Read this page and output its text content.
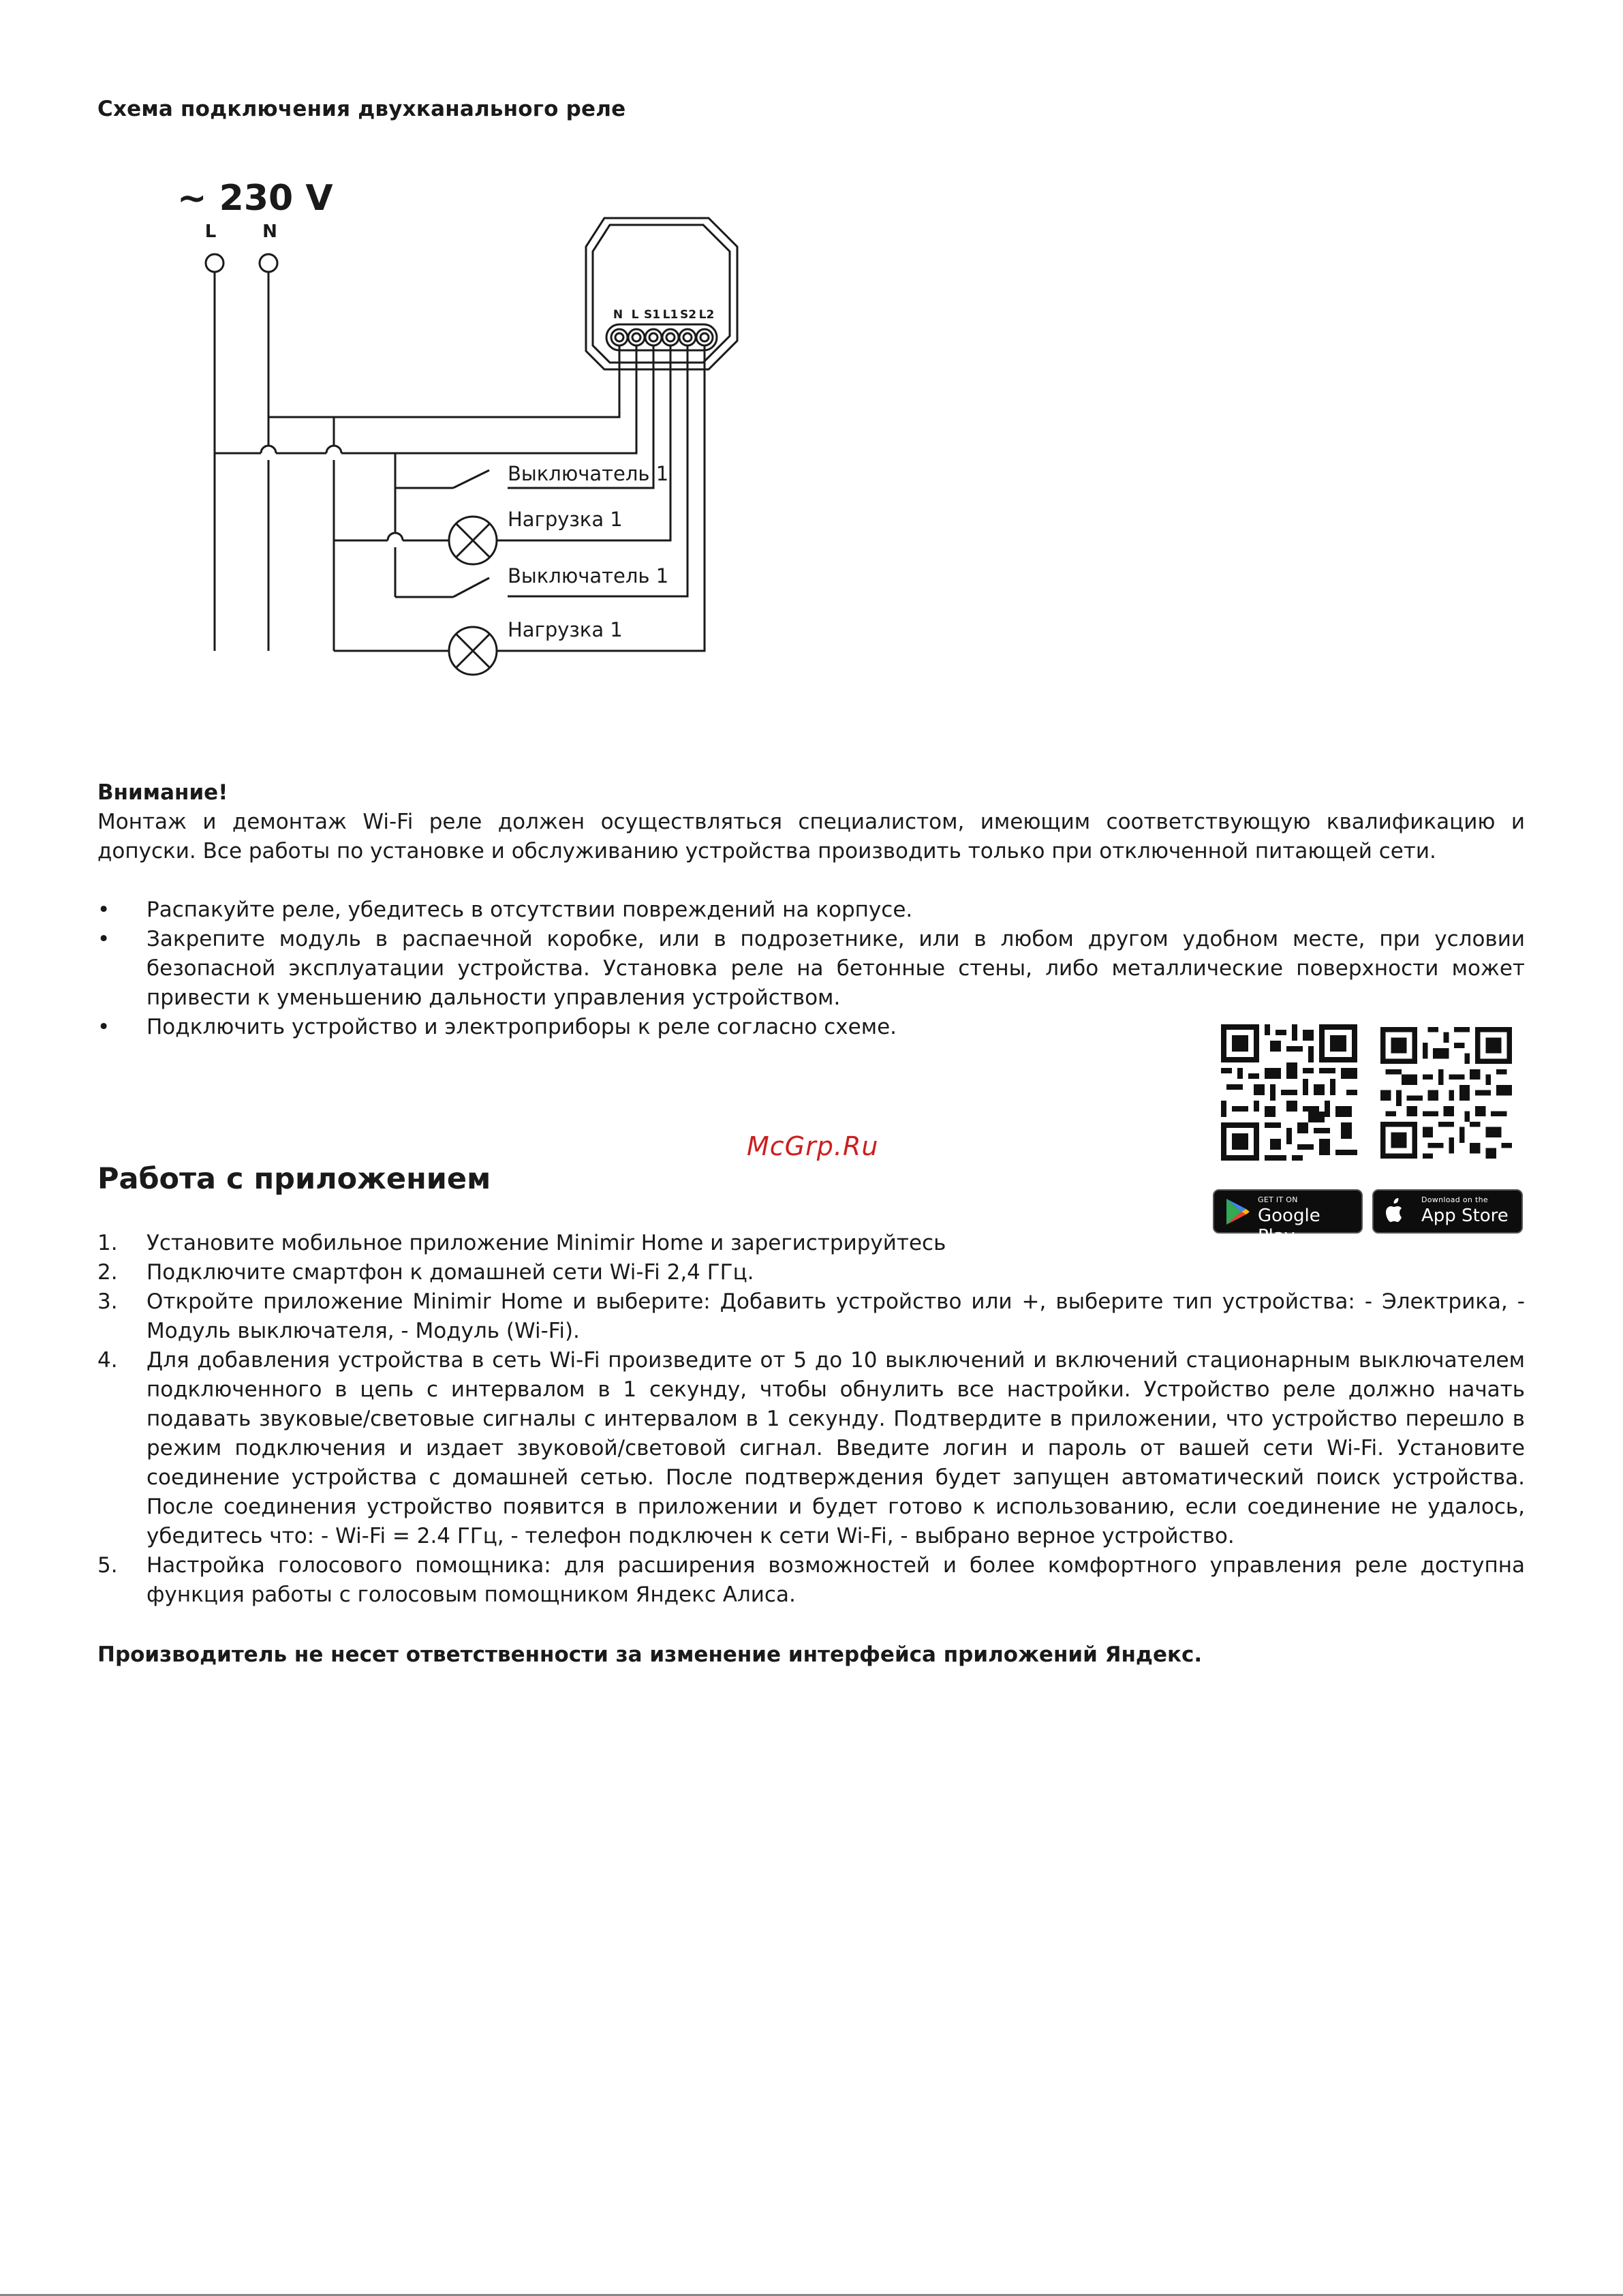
Схема подключения двухканального реле
~ 230 V
L	N
N L S1 L1 S2 L2
Выключатель 1
Нагрузка 1
Выключатель 1
Нагрузка 1
Внимание!
Монтаж и демонтаж Wi-Fi реле должен осуществляться специалистом, имеющим соответствующую квалификацию и допуски. Все работы по установке и обслуживанию устройства производить только при отключенной питающей сети.
• Распакуйте реле, убедитесь в отсутствии повреждений на корпусе.
• Закрепите модуль в распаечной коробке, или в подрозетнике, или в любом другом удобном месте, при условии безопасной эксплуатации устройства. Установка реле на бетонные стены, либо металлические поверхности может привести к уменьшению дальности управления устройством.
• Подключить устройство и электроприборы к реле согласно схеме.
GET IT ON
Google Play
Download on the
App Store
McGrp.Ru
Работа с приложением
1. Установите мобильное приложение Minimir Home и зарегистрируйтесь
2. Подключите смартфон к домашней сети Wi-Fi 2,4 ГГц.
3. Откройте приложение Minimir Home и выберите: Добавить устройство или +, выберите тип устройства: - Электрика, - Модуль выключателя, - Модуль (Wi-Fi).
4. Для добавления устройства в сеть Wi-Fi произведите от 5 до 10 выключений и включений стационарным выключателем подключенного в цепь с интервалом в 1 секунду, чтобы обнулить все настройки. Устройство реле должно начать подавать звуковые/световые сигналы с интервалом в 1 секунду. Подтвердите в приложении, что устройство перешло в режим подключения и издает звуковой/световой сигнал. Введите логин и пароль от вашей сети Wi-Fi. Установите соединение устройства с домашней сетью. После подтверждения будет запущен автоматический поиск устройства. После соединения устройство появится в приложении и будет готово к использованию, если соединение не удалось, убедитесь что: - Wi-Fi = 2.4 ГГц, - телефон подключен к сети Wi-Fi, - выбрано верное устройство.
5. Настройка голосового помощника: для расширения возможностей и более комфортного управления реле доступна функция работы с голосовым помощником Яндекс Алиса.
Производитель не несет ответственности за изменение интерфейса приложений Яндекс.
